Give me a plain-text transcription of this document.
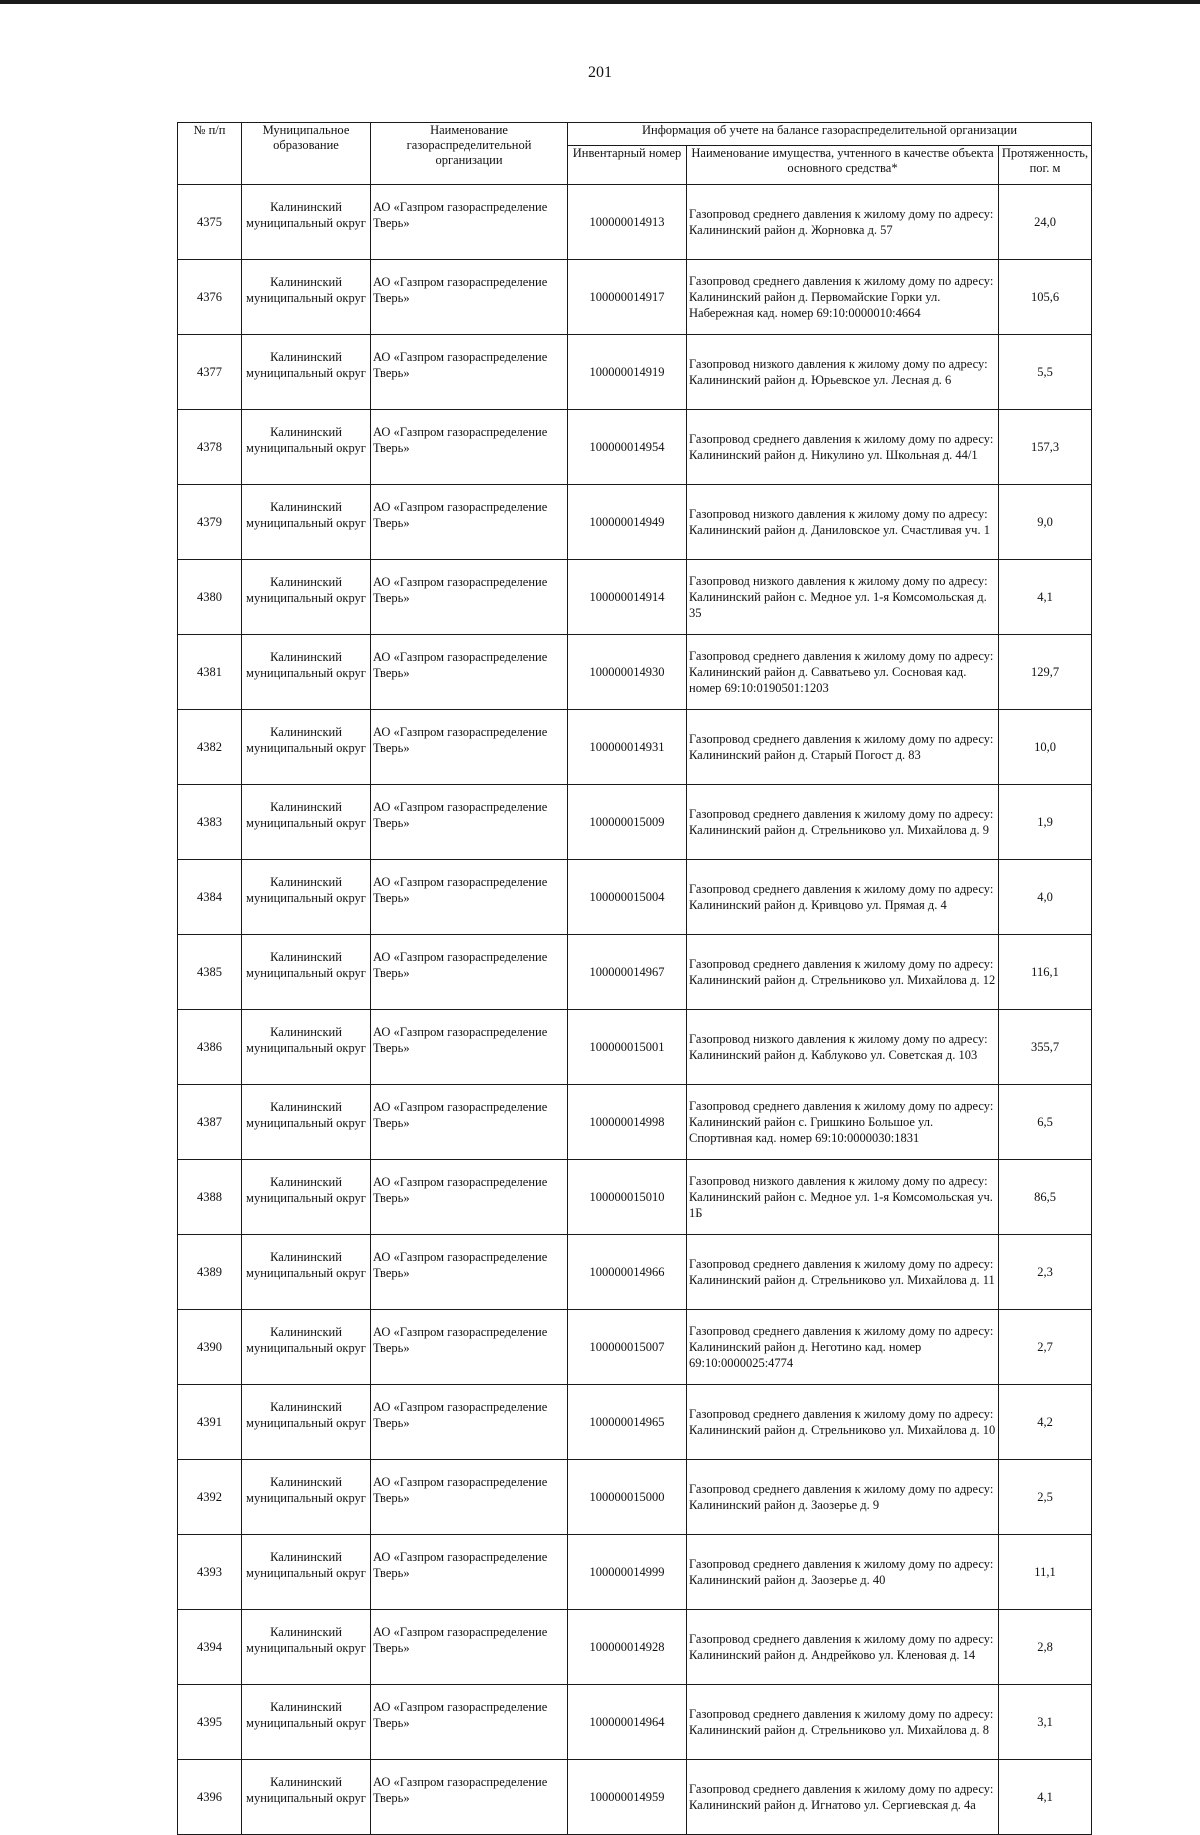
201
№ п/п	Муниципальное образование	Наименование газораспределительной организации	Информация об учете на балансе газораспределительной организации		
			Инвентарный номер	Наименование имущества, учтенного в качестве объекта основного средства*	Протяженность, пог. м
4375	Калининский муниципальный округ	АО «Газпром газораспределение Тверь»	100000014913	Газопровод среднего давления к жилому дому по адресу: Калининский район д. Жорновка д. 57	24,0
4376	Калининский муниципальный округ	АО «Газпром газораспределение Тверь»	100000014917	Газопровод среднего давления к жилому дому по адресу: Калининский район д. Первомайские Горки ул. Набережная кад. номер 69:10:0000010:4664	105,6
4377	Калининский муниципальный округ	АО «Газпром газораспределение Тверь»	100000014919	Газопровод низкого давления к жилому дому по адресу: Калининский район д. Юрьевское ул. Лесная д. 6	5,5
4378	Калининский муниципальный округ	АО «Газпром газораспределение Тверь»	100000014954	Газопровод среднего давления к жилому дому по адресу: Калининский район д. Никулино ул. Школьная д. 44/1	157,3
4379	Калининский муниципальный округ	АО «Газпром газораспределение Тверь»	100000014949	Газопровод низкого давления к жилому дому по адресу: Калининский район д. Даниловское ул. Счастливая уч. 1	9,0
4380	Калининский муниципальный округ	АО «Газпром газораспределение Тверь»	100000014914	Газопровод низкого давления к жилому дому по адресу: Калининский район с. Медное ул. 1-я Комсомольская д. 35	4,1
4381	Калининский муниципальный округ	АО «Газпром газораспределение Тверь»	100000014930	Газопровод среднего давления к жилому дому по адресу: Калининский район д. Савватьево ул. Сосновая кад. номер 69:10:0190501:1203	129,7
4382	Калининский муниципальный округ	АО «Газпром газораспределение Тверь»	100000014931	Газопровод среднего давления к жилому дому по адресу: Калининский район д. Старый Погост д. 83	10,0
4383	Калининский муниципальный округ	АО «Газпром газораспределение Тверь»	100000015009	Газопровод среднего давления к жилому дому по адресу: Калининский район д. Стрельниково ул. Михайлова д. 9	1,9
4384	Калининский муниципальный округ	АО «Газпром газораспределение Тверь»	100000015004	Газопровод среднего давления к жилому дому по адресу: Калининский район д. Кривцово ул. Прямая д. 4	4,0
4385	Калининский муниципальный округ	АО «Газпром газораспределение Тверь»	100000014967	Газопровод среднего давления к жилому дому по адресу: Калининский район д. Стрельниково ул. Михайлова д. 12	116,1
4386	Калининский муниципальный округ	АО «Газпром газораспределение Тверь»	100000015001	Газопровод низкого давления к жилому дому по адресу: Калининский район д. Каблуково ул. Советская д. 103	355,7
4387	Калининский муниципальный округ	АО «Газпром газораспределение Тверь»	100000014998	Газопровод среднего давления к жилому дому по адресу: Калининский район с. Гришкино Большое ул. Спортивная кад. номер 69:10:0000030:1831	6,5
4388	Калининский муниципальный округ	АО «Газпром газораспределение Тверь»	100000015010	Газопровод низкого давления к жилому дому по адресу: Калининский район с. Медное ул. 1-я Комсомольская уч. 1Б	86,5
4389	Калининский муниципальный округ	АО «Газпром газораспределение Тверь»	100000014966	Газопровод среднего давления к жилому дому по адресу: Калининский район д. Стрельниково ул. Михайлова д. 11	2,3
4390	Калининский муниципальный округ	АО «Газпром газораспределение Тверь»	100000015007	Газопровод среднего давления к жилому дому по адресу: Калининский район д. Неготино кад. номер 69:10:0000025:4774	2,7
4391	Калининский муниципальный округ	АО «Газпром газораспределение Тверь»	100000014965	Газопровод среднего давления к жилому дому по адресу: Калининский район д. Стрельниково ул. Михайлова д. 10	4,2
4392	Калининский муниципальный округ	АО «Газпром газораспределение Тверь»	100000015000	Газопровод среднего давления к жилому дому по адресу: Калининский район д. Заозерье д. 9	2,5
4393	Калининский муниципальный округ	АО «Газпром газораспределение Тверь»	100000014999	Газопровод среднего давления к жилому дому по адресу: Калининский район д. Заозерье д. 40	11,1
4394	Калининский муниципальный округ	АО «Газпром газораспределение Тверь»	100000014928	Газопровод среднего давления к жилому дому по адресу: Калининский район д. Андрейково ул. Кленовая д. 14	2,8
4395	Калининский муниципальный округ	АО «Газпром газораспределение Тверь»	100000014964	Газопровод среднего давления к жилому дому по адресу: Калининский район д. Стрельниково ул. Михайлова д. 8	3,1
4396	Калининский муниципальный округ	АО «Газпром газораспределение Тверь»	100000014959	Газопровод среднего давления к жилому дому по адресу: Калининский район д. Игнатово ул. Сергиевская д. 4а	4,1
